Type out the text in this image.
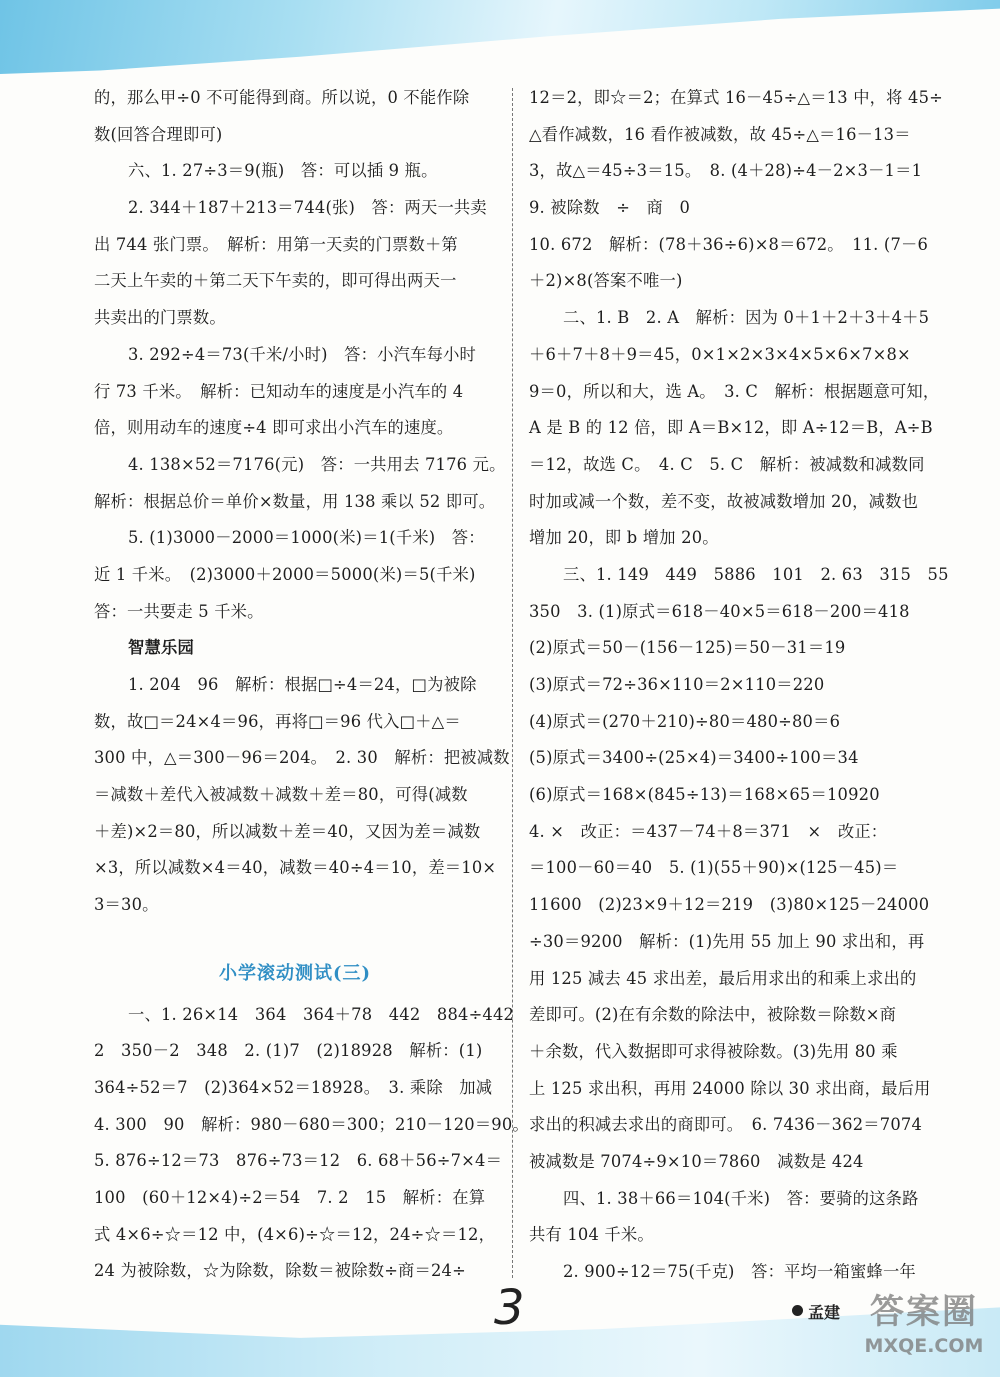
的，那么甲÷0 不可能得到商。所以说，0 不能作除
数(回答合理即可)
六、1. 27÷3＝9(瓶)　答：可以插 9 瓶。
2. 344＋187＋213＝744(张)　答：两天一共卖
出 744 张门票。　解析：用第一天卖的门票数＋第
二天上午卖的＋第二天下午卖的，即可得出两天一
共卖出的门票数。
3. 292÷4＝73(千米/小时)　答：小汽车每小时
行 73 千米。　解析：已知动车的速度是小汽车的 4
倍，则用动车的速度÷4 即可求出小汽车的速度。
4. 138×52＝7176(元)　答：一共用去 7176 元。
解析：根据总价＝单价×数量，用 138 乘以 52 即可。
5. (1)3000－2000＝1000(米)＝1(千米)　答：
近 1 千米。　(2)3000＋2000＝5000(米)＝5(千米)
答：一共要走 5 千米。
智慧乐园
1. 204　96　解析：根据□÷4＝24，□为被除
数，故□＝24×4＝96，再将□＝96 代入□＋△＝
300 中，△＝300－96＝204。　2. 30　解析：把被减数
＝减数＋差代入被减数＋减数＋差＝80，可得(减数
＋差)×2＝80，所以减数＋差＝40，又因为差＝减数
×3，所以减数×4＝40，减数＝40÷4＝10，差＝10×
3＝30。
小学滚动测试(三)
一、1. 26×14　364　364＋78　442　884÷442
2　350－2　348　2. (1)7　(2)18928　解析：(1)
364÷52＝7　(2)364×52＝18928。　3. 乘除　加减
4. 300　90　解析：980－680＝300；210－120＝90。
5. 876÷12＝73　876÷73＝12　6. 68＋56÷7×4＝
100　(60＋12×4)÷2＝54　7. 2　15　解析：在算
式 4×6÷☆＝12 中，(4×6)÷☆＝12，24÷☆＝12，
24 为被除数，☆为除数，除数＝被除数÷商＝24÷
12＝2，即☆＝2；在算式 16－45÷△＝13 中，将 45÷
△看作减数，16 看作被减数，故 45÷△＝16－13＝
3，故△＝45÷3＝15。　8. (4＋28)÷4－2×3－1＝1
9. 被除数　÷　商　0
10. 672　解析：(78＋36÷6)×8＝672。　11. (7－6
＋2)×8(答案不唯一)
二、1. B　2. A　解析：因为 0＋1＋2＋3＋4＋5
＋6＋7＋8＋9＝45，0×1×2×3×4×5×6×7×8×
9＝0，所以和大，选 A。　3. C　解析：根据题意可知，
A 是 B 的 12 倍，即 A＝B×12，即 A÷12＝B，A÷B
＝12，故选 C。　4. C　5. C　解析：被减数和减数同
时加或减一个数，差不变，故被减数增加 20，减数也
增加 20，即 b 增加 20。
三、1. 149　449　5886　101　2. 63　315　55
350　3. (1)原式＝618－40×5＝618－200＝418
(2)原式＝50－(156－125)＝50－31＝19
(3)原式＝72÷36×110＝2×110＝220
(4)原式＝(270＋210)÷80＝480÷80＝6
(5)原式＝3400÷(25×4)＝3400÷100＝34
(6)原式＝168×(845÷13)＝168×65＝10920
4. ×　改正：＝437－74＋8＝371　×　改正：
＝100－60＝40　5. (1)(55＋90)×(125－45)＝
11600　(2)23×9＋12＝219　(3)80×125－24000
÷30＝9200　解析：(1)先用 55 加上 90 求出和，再
用 125 减去 45 求出差，最后用求出的和乘上求出的
差即可。(2)在有余数的除法中，被除数＝除数×商
＋余数，代入数据即可求得被除数。(3)先用 80 乘
上 125 求出积，再用 24000 除以 30 求出商，最后用
求出的积减去求出的商即可。　6. 7436－362＝7074
被减数是 7074÷9×10＝7860　减数是 424
四、1. 38＋66＝104(千米)　答：要骑的这条路
共有 104 千米。
2. 900÷12＝75(千克)　答：平均一箱蜜蜂一年
3	孟建 答案圈
MXQE.COM
